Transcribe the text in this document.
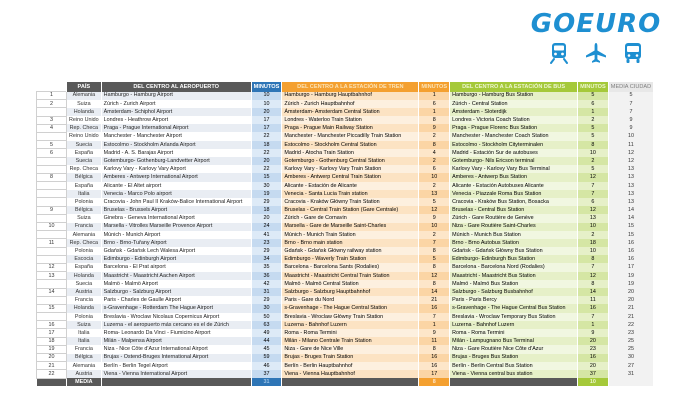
GOEURO
	PAÍS	DEL CENTRO AL AEROPUERTO	MINUTOS	DEL CENTRO A LA ESTACIÓN DE TREN	MINUTOS	DEL CENTRO A LA ESTACIÓN DE BUS	MINUTOS	MEDIA CIUDAD
1	Alemania	Hamburgo - Hamburg Airport	10	Hamburgo - Hamburg Hauptbahnhof	1	Hamburgo - Hamburg Bus Station	5	5
2	Suiza	Zúrich - Zurich Airport	10	Zúrich - Zurich Hauptbahnhof	6	Zúrich - Central Station	6	7
	Holanda	Ámsterdam- Schiphol Airport	20	Ámsterdam- Amsterdam Central Station	1	Ámsterdam - Sloterdijk	1	7
3	Reino Unido	Londres - Heathrow Airport	17	Londres - Waterloo Train Station	8	Londres - Victoria Coach Station	2	9
4	Rep. Checa	Praga - Prague International Airport	17	Praga - Prague Main Railway Station	9	Praga - Prague Florenc Bus Station	5	9
	Reino Unido	Manchester - Manchester Airport	22	Manchester - Manchester Piccadilly Train Station	2	Manchester - Manchester Coach Station	5	10
5	Suecia	Estocolmo - Stockholm Arlanda Airport	18	Estocolmo - Stockholm Central Station	8	Estocolmo - Stockholm Cityterminalen	8	11
6	España	Madrid - A. S. Barajas Airport	22	Madrid - Atocha Train Station	4	Madrid - Estación Sur de autobuses	10	12
	Suecia	Gotemburgo- Gothenburg-Landvetter Airport	20	Gotemburgo - Gothenburg Central Station	2	Gotemburgo- Nils Ericson terminal	2	12
	Rep. Checa	Karlovy Vary - Karlovy Vary Airport	22	Karlovy Vary - Karlovy Vary Train Station	6	Karlovy Vary - Karlovy Vary Bus Terminal	5	13
8	Bélgica	Amberes - Antwerp International Airport	15	Amberes - Antwerp Central Train Station	10	Amberes - Antwerp Bus Station	12	13
	España	Alicante - El Altet airport	30	Alicante - Estación de Alicante	2	Alicante - Estación Autobuses Alicante	7	13
	Italia	Venecia - Marco Polo airport	19	Venecia - Santa Lucia Train station	13	Venecia - Piazzale Roma Bus Station	7	13
	Polonia	Cracovia - John Paul II Kraków-Balice International Airport	29	Cracovia - Kraków Główny Train Station	5	Cracovia - Kraków Bus Station, Bosacka	6	13
9	Bélgica	Bruselas - Brussels Airport	18	Bruselas - Central Train Station (Gare Centrale)	12	Bruselas - Central Bus Station	12	14
	Suiza	Ginebra - Geneva International Airport	20	Zúrich - Gare de Cornavin	9	Zúrich - Gare Routière de Genève	13	14
10	Francia	Marsella - Vitrolles Marseille Provence Airport	24	Marsella - Gare de Marseille Saint-Charles	10	Niza - Gare Routière Saint-Charles	10	15
	Alemania	Múnich - Munich Airport	41	Múnich - Munich Train Station	2	Múnich - Munich Bus Station	2	15
11	Rep. Checa	Brno - Brno-Tuřany Airport	23	Brno - Brno main station	7	Brno - Brno Autobus Station	18	16
	Polonia	Gdańsk - Gdańsk Lech Walesa Airport	29	Gdańsk - Gdańsk Główny railway station	8	Gdańsk - Gdańsk Główny Bus Station	10	16
	Escocia	Edimburgo - Edinburgh Airport	34	Edimburgo - Waverly Train Station	5	Edimburgo- Edinburgh Bus Station	8	16
12	España	Barcelona - El Prat airport	35	Barcelona - Barcelona Sants (Rodalies)	8	Barcelona - Barcelona Nord (Rodalies)	7	17
13	Holanda	Maastricht - Maastricht Aachen Airport	36	Maastricht - Maastricht Central Train Station	12	Maastricht - Maastricht Bus Station	12	19
	Suecia	Malmö - Malmö Airport	42	Malmö - Malmö Central Station	8	Malmö - Malmö Bus Station	8	19
14	Austria	Salzburgo - Salzburg Airport	31	Salzburgo - Salzburg Hauptbahnhof	14	Salzburgo - Salzburg Busbahnhof	14	20
	Francia	Paris - Charles de Gaulle Airport	29	Paris - Gare du Nord	21	Paris - Paris Bercy	11	20
15	Holanda	s-Gravenhage - Rotterdam The Hague Airport	30	s-Gravenhage - The Hague Central Station	16	s-Gravenhage - The Hague Central Bus Station	16	21
	Polonia	Breslavia - Wroclaw Nicolaus Copernicus Airport	50	Breslavia - Wroclaw Główny Train Station	7	Breslavia - Wroclaw Temporary Bus Station	7	21
16	Suiza	Luzerna - el aeropuerto más cercano es el de Zürich	63	Luzerna - Bahnhof Luzern	1	Luzerna - Bahnhof Luzern	1	22
17	Italia	Roma- Leonardo Da Vinci - Fiumicino Airport	49	Roma - Roma Termini	9	Roma - Roma Termini	9	23
18	Italia	Milán - Malpensa Airport	44	Milán - Milano Centrale Train Station	11	Milán - Lampugnano Bus Terminal	20	25
19	Francia	Niza - Nice Côte d'Azur International Airport	45	Niza - Gare de Nice Ville	8	Niza - Gare Routière Nice Côte d'Azur	23	25
20	Bélgica	Brujas - Ostend-Bruges International Airport	59	Brujas - Bruges Train Station	16	Brujas - Bruges Bus Station	16	30
21	Alemania	Berlín - Berlin Tegel Airport	46	Berlín - Berlin Hauptbahnhof	16	Berlín - Berlin Central Bus Station	20	27
22	Austria	Viena - Vienna International Airport	37	Viena - Vienna Hauptbahnhof	17	Viena - Vienna central bus station	37	31
	MEDIA		31		8		10	
